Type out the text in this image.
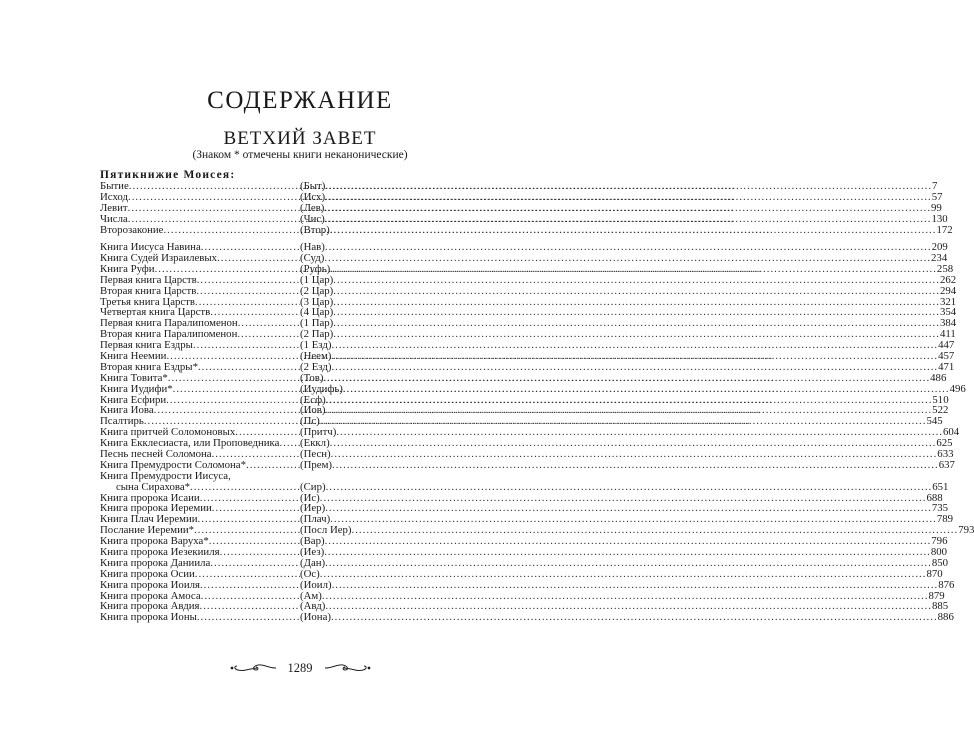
СОДЕРЖАНИЕ
ВЕТХИЙ ЗАВЕТ
(Знаком * отмечены книги неканонические)
Пятикнижие Моисея:
Бытие .....	(Быт) .....	7
Исход .....	(Исх) .....	57
Левит .....	(Лев) .....	99
Числа .....	(Чис) .....	130
Второзаконие .....	(Втор) .....	172
Книга Иисуса Навина .....	(Нав) .....	209
Книга Судей Израилевых .....	(Суд) .....	234
Книга Руфи .....	(Руфь) .....	258
Первая книга Царств .....	(1 Цар) .....	262
Вторая книга Царств .....	(2 Цар) .....	294
Третья книга Царств .....	(3 Цар) .....	321
Четвертая книга Царств .....	(4 Цар) .....	354
Первая книга Паралипоменон .....	(1 Пар) .....	384
Вторая книга Паралипоменон .....	(2 Пар) .....	411
Первая книга Ездры .....	(1 Езд) .....	447
Книга Неемии .....	(Неем) .....	457
Вторая книга Ездры* .....	(2 Езд) .....	471
Книга Товита* .....	(Тов) .....	486
Книга Иудифи* .....	(Иудифь) .....	496
Книга Есфири .....	(Есф) .....	510
Книга Иова .....	(Иов) .....	522
Псалтирь .....	(Пс) .....	545
Книга притчей Соломоновых .....	(Притч) .....	604
Книга Екклесиаста, или Проповедника ..... (Еккл) .....	625
Песнь песней Соломона .....	(Песн) .....	633
Книга Премудрости Соломона* .....	(Прем) .....	637
Книга Премудрости Иисуса,
сына Сирахова* .....	(Сир) .....	651
Книга пророка Исаии .....	(Ис) .....	688
Книга пророка Иеремии .....	(Иер) .....	735
Книга Плач Иеремии .....	(Плач) .....	789
Послание Иеремии* .....	(Посл Иер) .....	793
Книга пророка Варуха* .....	(Вар) .....	796
Книга пророка Иезекииля .....	(Иез) .....	800
Книга пророка Даниила .....	(Дан) .....	850
Книга пророка Осии .....	(Ос) .....	870
Книга пророка Иоиля .....	(Иоил) .....	876
Книга пророка Амоса .....	(Ам) .....	879
Книга пророка Авдия .....	(Авд) .....	885
Книга пророка Ионы .....	(Иона) .....	886
1289
